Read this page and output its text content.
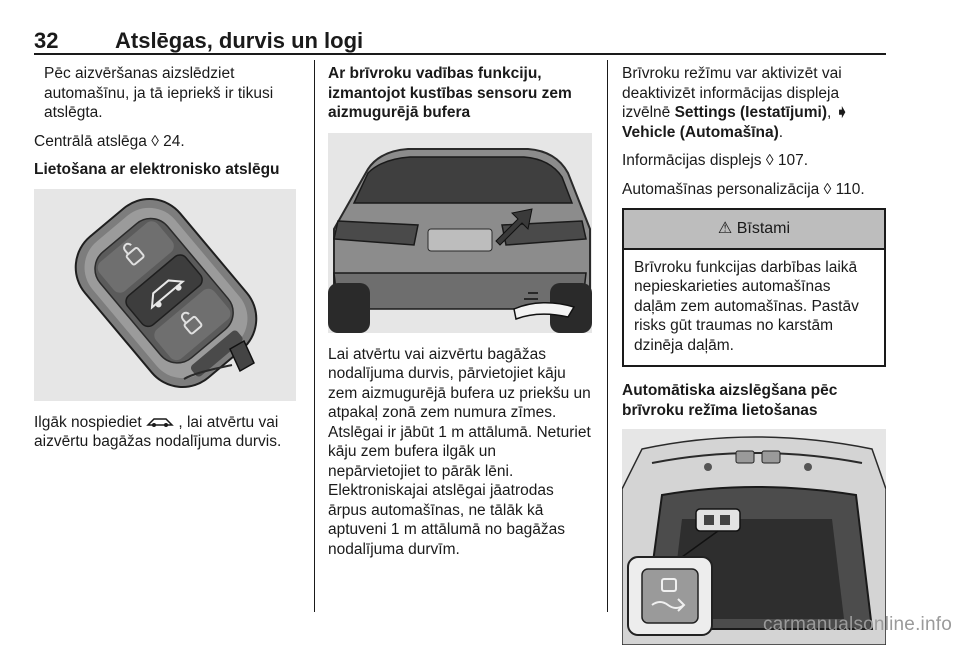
32	Atslēgas, durvis un logi

Pēc aizvēršanas aizslēdziet automašīnu, ja tā iepriekš ir tikusi atslēgta.

Centrālā atslēga ◊ 24.

Lietošana ar elektronisko atslēgu

Ilgāk nospiediet
, lai atvērtu vai aizvērtu bagāžas nodalījuma durvis.

Ar brīvroku vadības funkciju, izmantojot kustības sensoru zem aizmugurējā bufera

Lai atvērtu vai aizvērtu bagāžas nodalījuma durvis, pārvietojiet kāju zem aizmugurējā bufera uz priekšu un atpakaļ zonā zem numura zīmes. Atslēgai ir jābūt 1 m attālumā. Neturiet kāju zem bufera ilgāk un nepārvietojiet to pārāk lēni. Elektroniskajai atslēgai jāatrodas ārpus automašīnas, ne tālāk kā aptuveni 1 m attālumā no bagāžas nodalījuma durvīm.

Brīvroku režīmu var aktivizēt vai deaktivizēt informācijas displeja izvēlnē Settings (Iestatījumi), ➧ Vehicle (Automašīna).

Informācijas displejs ◊ 107.

Automašīnas personalizācija ◊ 110.

⚠ Bīstami
Brīvroku funkcijas darbības laikā nepieskarieties automašīnas daļām zem automašīnas. Pastāv risks gūt traumas no karstām dzinēja daļām.

Automātiska aizslēgšana pēc brīvroku režīma lietošanas

carmanualsonline.info
